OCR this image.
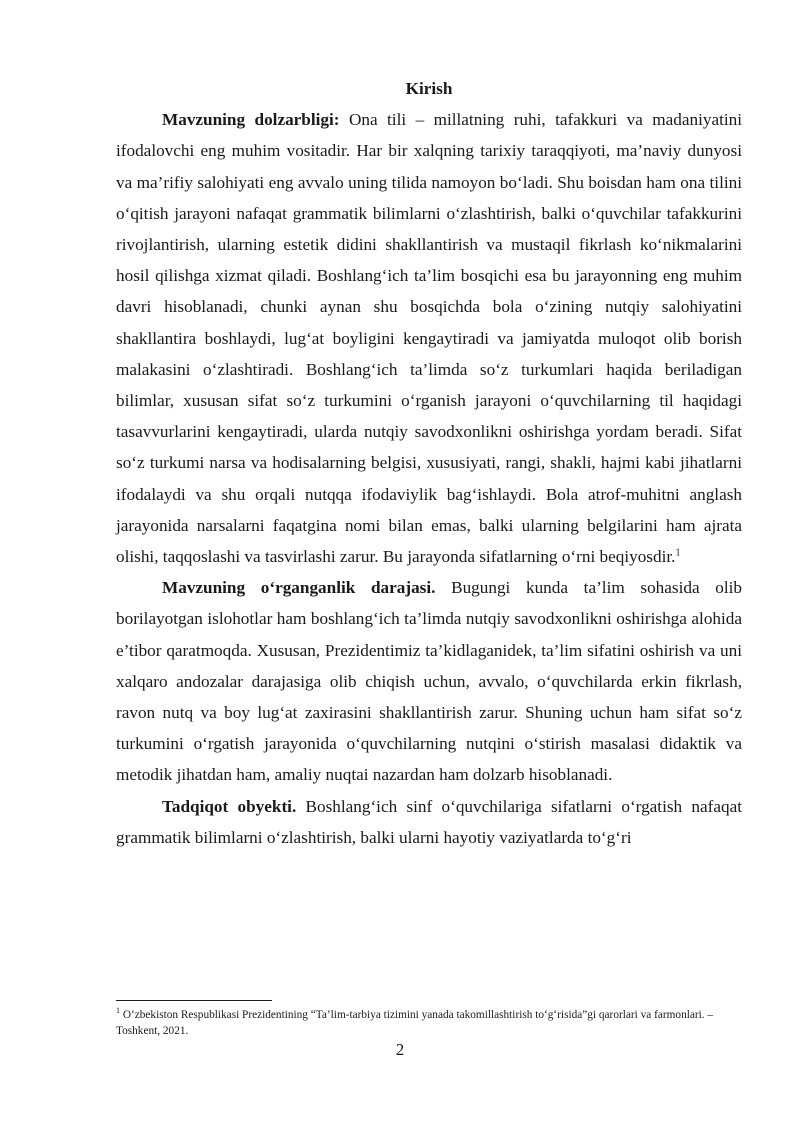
Kirish

Mavzuning dolzarbligi: Ona tili – millatning ruhi, tafakkuri va madaniyatini ifodalovchi eng muhim vositadir. Har bir xalqning tarixiy taraqqiyoti, ma’naviy dunyosi va ma’rifiy salohiyati eng avvalo uning tilida namoyon bo‘ladi. Shu boisdan ham ona tilini o‘qitish jarayoni nafaqat grammatik bilimlarni o‘zlashtirish, balki o‘quvchilar tafakkurini rivojlantirish, ularning estetik didini shakllantirish va mustaqil fikrlash ko‘nikmalarini hosil qilishga xizmat qiladi. Boshlang‘ich ta’lim bosqichi esa bu jarayonning eng muhim davri hisoblanadi, chunki aynan shu bosqichda bola o‘zining nutqiy salohiyatini shakllantira boshlaydi, lug‘at boyligini kengaytiradi va jamiyatda muloqot olib borish malakasini o‘zlashtiradi. Boshlang‘ich ta’limda so‘z turkumlari haqida beriladigan bilimlar, xususan sifat so‘z turkumini o‘rganish jarayoni o‘quvchilarning til haqidagi tasavvurlarini kengaytiradi, ularda nutqiy savodxonlikni oshirishga yordam beradi. Sifat so‘z turkumi narsa va hodisalarning belgisi, xususiyati, rangi, shakli, hajmi kabi jihatlarni ifodalaydi va shu orqali nutqqa ifodaviylik bag‘ishlaydi. Bola atrof-muhitni anglash jarayonida narsalarni faqatgina nomi bilan emas, balki ularning belgilarini ham ajrata olishi, taqqoslashi va tasvirlashi zarur. Bu jarayonda sifatlarning o‘rni beqiyosdir.$^1$

Mavzuning o‘rganganlik darajasi. Bugungi kunda ta’lim sohasida olib borilayotgan islohotlar ham boshlang‘ich ta’limda nutqiy savodxonlikni oshirishga alohida e’tibor qaratmoqda. Xususan, Prezidentimiz ta’kidlaganidek, ta’lim sifatini oshirish va uni xalqaro andozalar darajasiga olib chiqish uchun, avvalo, o‘quvchilarda erkin fikrlash, ravon nutq va boy lug‘at zaxirasini shakllantirish zarur. Shuning uchun ham sifat so‘z turkumini o‘rgatish jarayonida o‘quvchilarning nutqini o‘stirish masalasi didaktik va metodik jihatdan ham, amaliy nuqtai nazardan ham dolzarb hisoblanadi.

Tadqiqot obyekti. Boshlang‘ich sinf o‘quvchilariga sifatlarni o‘rgatish nafaqat grammatik bilimlarni o‘zlashtirish, balki ularni hayotiy vaziyatlarda to‘g‘ri

$^1$ O‘zbekiston Respublikasi Prezidentining “Ta’lim-tarbiya tizimini yanada takomillashtirish to‘g‘risida”gi qarorlari va farmonlari. – Toshkent, 2021.

2
